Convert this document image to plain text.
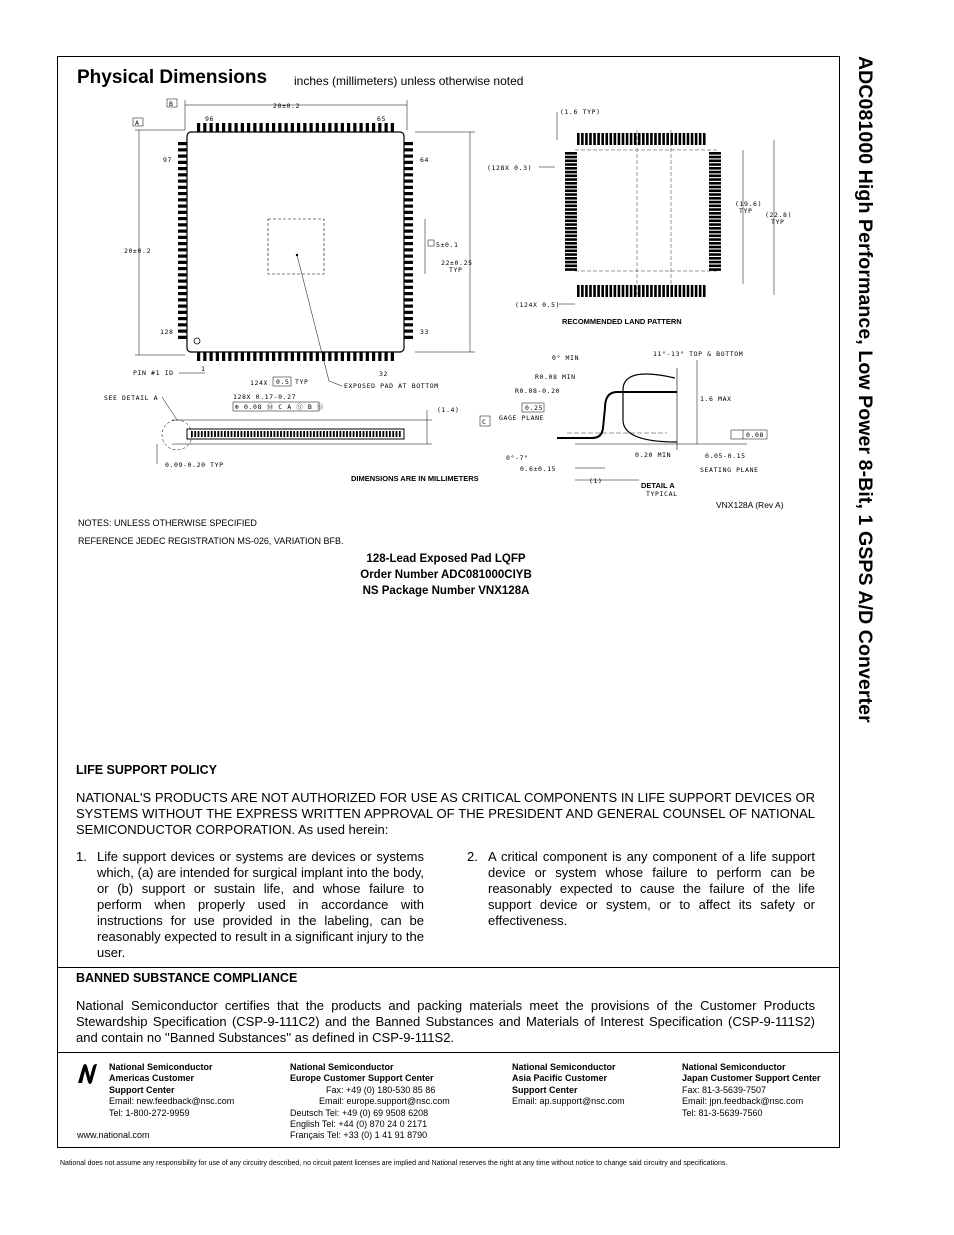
ADC081000 High Performance, Low Power 8-Bit, 1 GSPS A/D Converter
Physical Dimensions inches (millimeters) unless otherwise noted
B
A
20±0.2
96	65
97	64
128	33
1
32
20±0.2
5±0.1
22±0.25
TYP
PIN #1 ID
124X 0.5 TYP	EXPOSED PAD AT BOTTOM
128X 0.17-0.27
⊕ 0.08 Ⓜ C A Ⓢ B Ⓢ
SEE DETAIL A
(1.4)
0.09-0.20 TYP
DIMENSIONS ARE IN MILLIMETERS
(1.6 TYP)
(128X 0.3)
(19.6)
TYP (22.8)
TYP
(124X 0.5)
RECOMMENDED LAND PATTERN
0° MIN
R0.08-0.20
R0.08 MIN
11°-13° TOP & BOTTOM
0.25
GAGE PLANE
C
0°-7°
0.6±0.15
(1)
0.20 MIN
1.6 MAX
0.08
0.05-0.15
SEATING PLANE
DETAIL A
TYPICAL
VNX128A (Rev A)
NOTES: UNLESS OTHERWISE SPECIFIED
REFERENCE JEDEC REGISTRATION MS-026, VARIATION BFB.
128-Lead Exposed Pad LQFP
Order Number ADC081000CIYB
NS Package Number VNX128A
LIFE SUPPORT POLICY
NATIONAL'S PRODUCTS ARE NOT AUTHORIZED FOR USE AS CRITICAL COMPONENTS IN LIFE SUPPORT DEVICES OR SYSTEMS WITHOUT THE EXPRESS WRITTEN APPROVAL OF THE PRESIDENT AND GENERAL COUNSEL OF NATIONAL SEMICONDUCTOR CORPORATION. As used herein:
1. Life support devices or systems are devices or systems which, (a) are intended for surgical implant into the body, or (b) support or sustain life, and whose failure to perform when properly used in accordance with instructions for use provided in the labeling, can be reasonably expected to result in a significant injury to the user.
2. A critical component is any component of a life support device or system whose failure to perform can be reasonably expected to cause the failure of the life support device or system, or to affect its safety or effectiveness.
BANNED SUBSTANCE COMPLIANCE
National Semiconductor certifies that the products and packing materials meet the provisions of the Customer Products Stewardship Specification (CSP-9-111C2) and the Banned Substances and Materials of Interest Specification (CSP-9-111S2) and contain no ''Banned Substances'' as defined in CSP-9-111S2.
National Semiconductor
Americas Customer
Support Center
Email: new.feedback@nsc.com
Tel: 1-800-272-9959
www.national.com
National Semiconductor
Europe Customer Support Center
Fax: +49 (0) 180-530 85 86
Email: europe.support@nsc.com
Deutsch Tel: +49 (0) 69 9508 6208
English Tel: +44 (0) 870 24 0 2171
Français Tel: +33 (0) 1 41 91 8790
National Semiconductor
Asia Pacific Customer
Support Center
Email: ap.support@nsc.com
National Semiconductor
Japan Customer Support Center
Fax: 81-3-5639-7507
Email: jpn.feedback@nsc.com
Tel: 81-3-5639-7560
National does not assume any responsibility for use of any circuitry described, no circuit patent licenses are implied and National reserves the right at any time without notice to change said circuitry and specifications.
